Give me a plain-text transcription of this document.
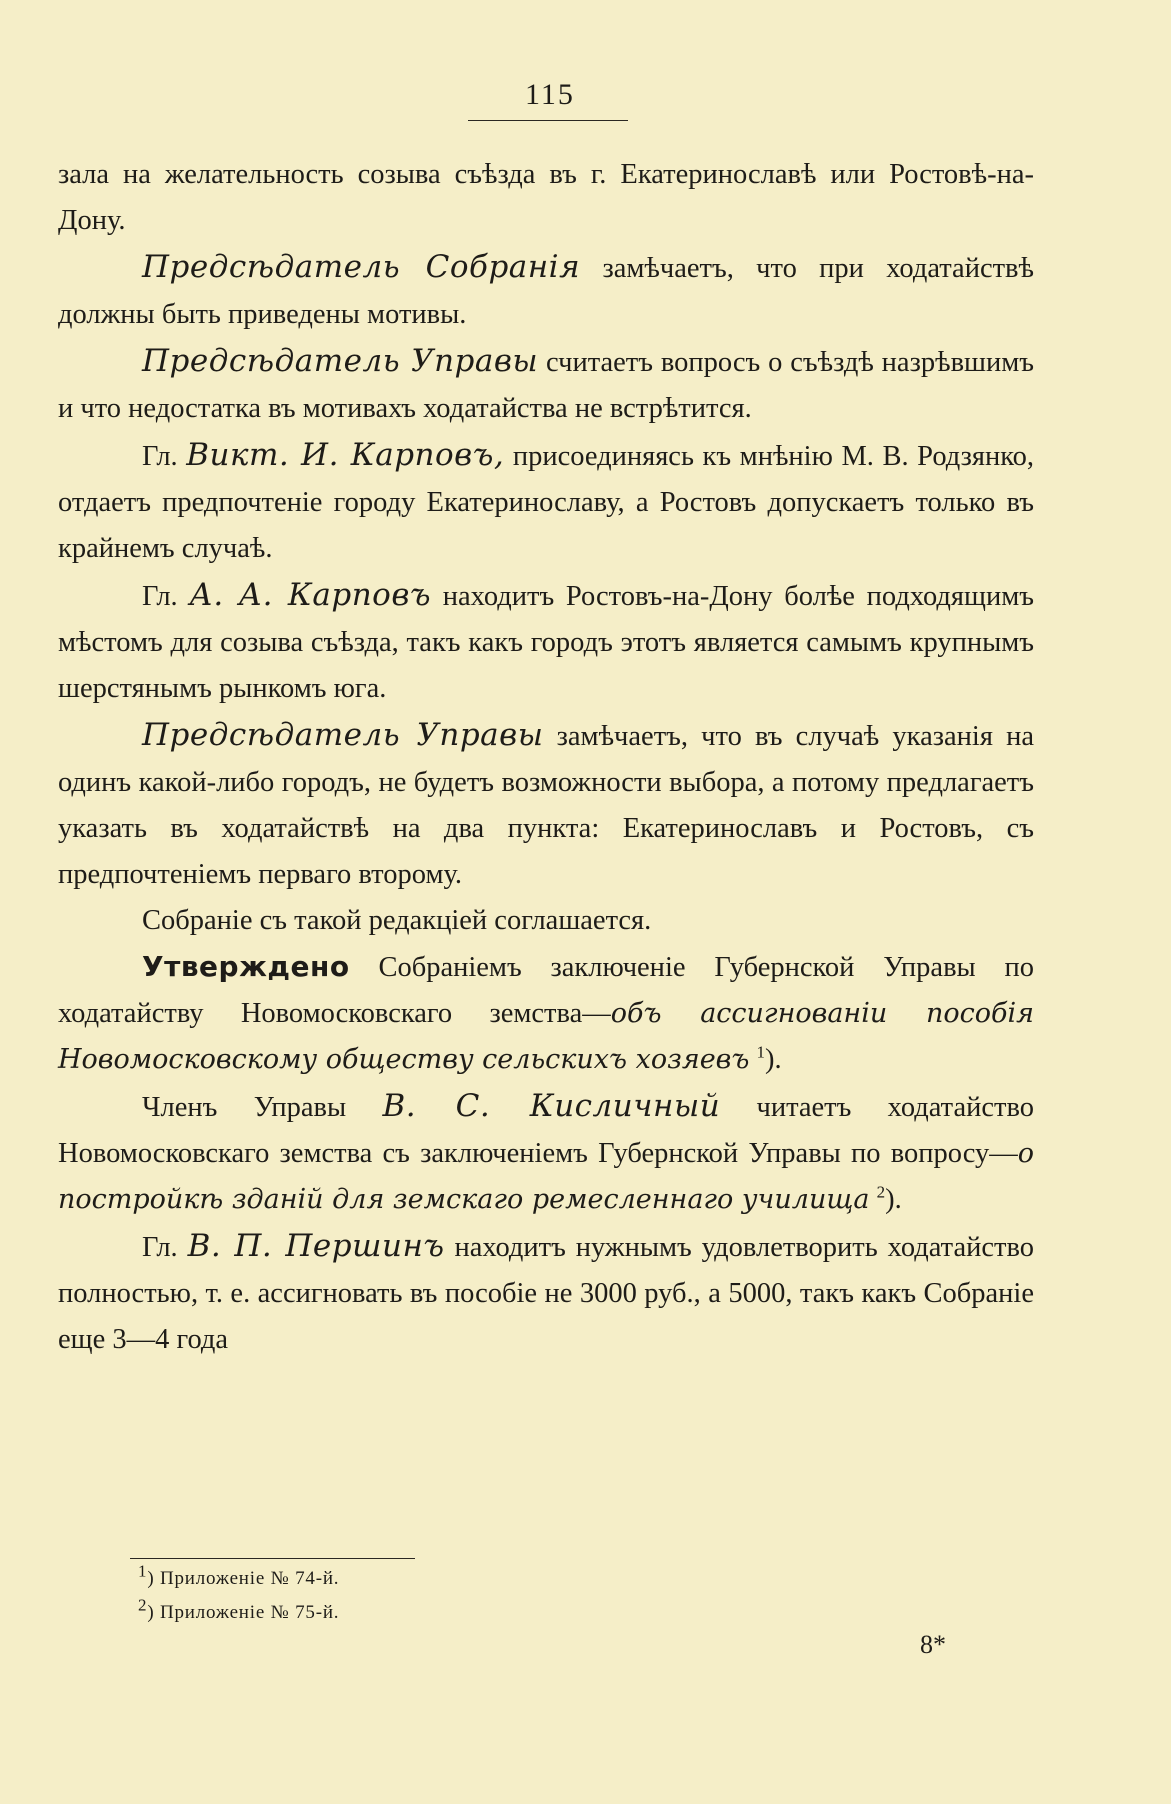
115

зала на желательность созыва съѣзда въ г. Екатеринославѣ или Ростовѣ-на-Дону.

Предсѣдатель Собранія замѣчаетъ, что при ходатайствѣ должны быть приведены мотивы.

Предсѣдатель Управы считаетъ вопросъ о съѣздѣ назрѣвшимъ и что недостатка въ мотивахъ ходатайства не встрѣтится.

Гл. Викт. И. Карповъ, присоединяясь къ мнѣнію М. В. Родзянко, отдаетъ предпочтеніе городу Екатеринославу, а Ростовъ допускаетъ только въ крайнемъ случаѣ.

Гл. А. А. Карповъ находитъ Ростовъ-на-Дону болѣе подходящимъ мѣстомъ для созыва съѣзда, такъ какъ городъ этотъ является самымъ крупнымъ шерстянымъ рынкомъ юга.

Предсѣдатель Управы замѣчаетъ, что въ случаѣ указанія на одинъ какой-либо городъ, не будетъ возможности выбора, а потому предлагаетъ указать въ ходатайствѣ на два пункта: Екатеринославъ и Ростовъ, съ предпочтеніемъ перваго второму.

Собраніе съ такой редакціей соглашается.

Утверждено Собраніемъ заключеніе Губернской Управы по ходатайству Новомосковскаго земства—объ ассигнованіи пособія Новомосковскому обществу сельскихъ хозяевъ $^1$).

Членъ Управы В. С. Кисличный читаетъ ходатайство Новомосковскаго земства съ заключеніемъ Губернской Управы по вопросу—о постройкѣ зданій для земскаго ремесленнаго училища $^2$).

Гл. В. П. Першинъ находитъ нужнымъ удовлетворить ходатайство полностью, т. е. ассигновать въ пособіе не 3000 руб., а 5000, такъ какъ Собраніе еще 3—4 года

$^1$) Приложеніе № 74-й.
$^2$) Приложеніе № 75-й.
8*
